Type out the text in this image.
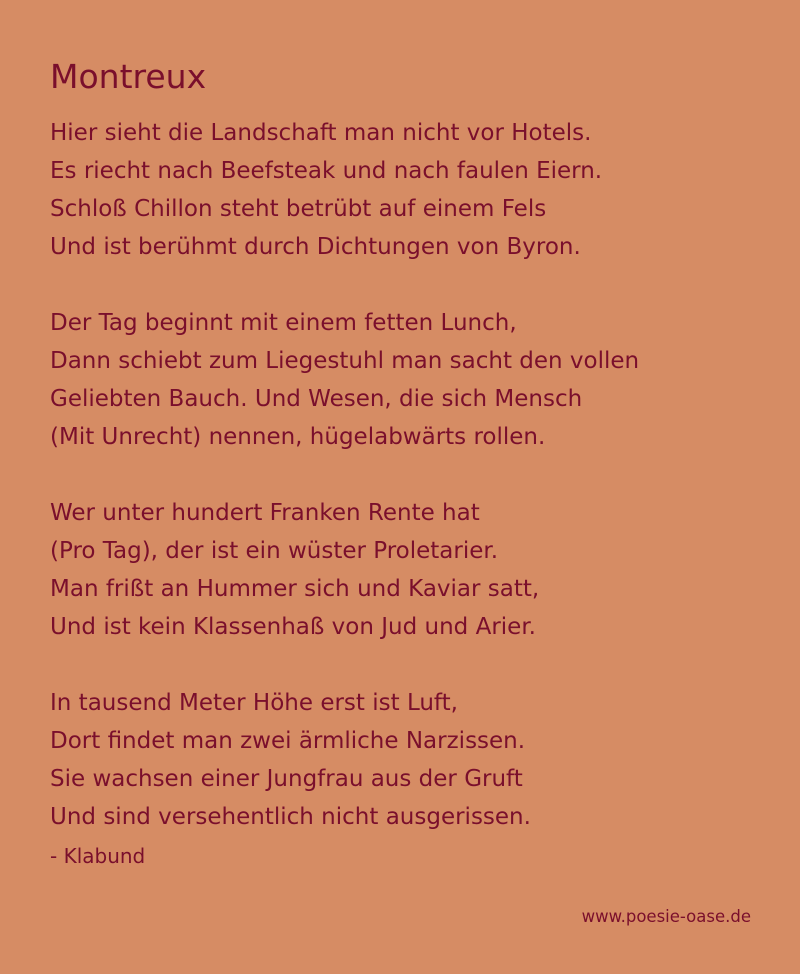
Montreux
Hier sieht die Landschaft man nicht vor Hotels.
Es riecht nach Beefsteak und nach faulen Eiern.
Schloß Chillon steht betrübt auf einem Fels
Und ist berühmt durch Dichtungen von Byron.
Der Tag beginnt mit einem fetten Lunch,
Dann schiebt zum Liegestuhl man sacht den vollen
Geliebten Bauch. Und Wesen, die sich Mensch
(Mit Unrecht) nennen, hügelabwärts rollen.
Wer unter hundert Franken Rente hat
(Pro Tag), der ist ein wüster Proletarier.
Man frißt an Hummer sich und Kaviar satt,
Und ist kein Klassenhaß von Jud und Arier.
In tausend Meter Höhe erst ist Luft,
Dort findet man zwei ärmliche Narzissen.
Sie wachsen einer Jungfrau aus der Gruft
Und sind versehentlich nicht ausgerissen.
- Klabund
www.poesie-oase.de
